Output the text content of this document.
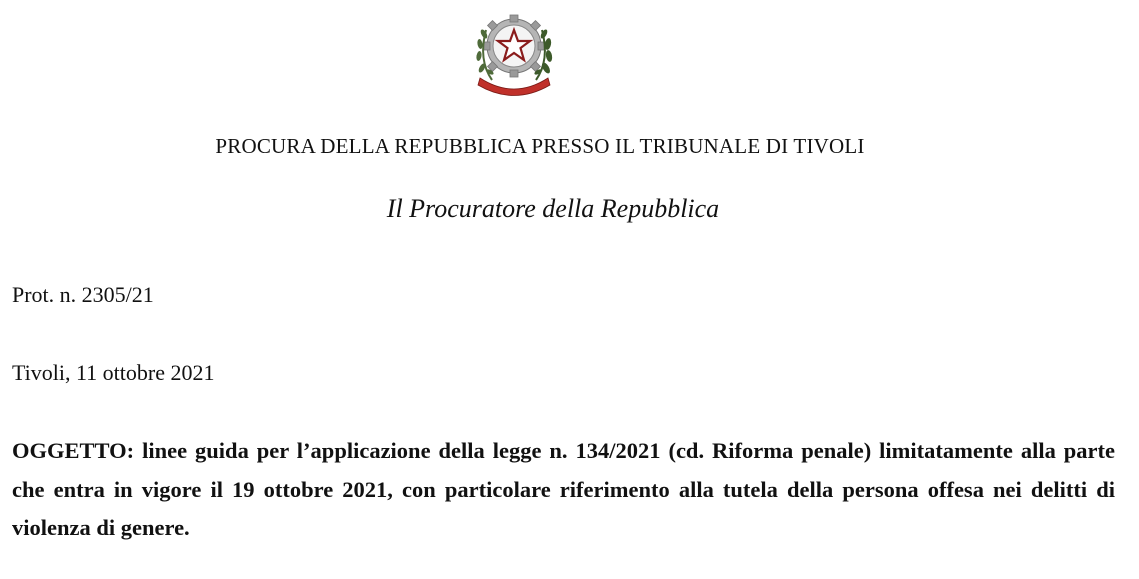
PROCURA DELLA REPUBBLICA PRESSO IL TRIBUNALE DI TIVOLI
Il Procuratore della Repubblica
Prot. n. 2305/21
Tivoli, 11 ottobre 2021
OGGETTO: linee guida per l’applicazione della legge n. 134/2021 (cd. Riforma penale) limitatamente alla parte che entra in vigore il 19 ottobre 2021, con particolare riferimento alla tutela della persona offesa nei delitti di violenza di genere.
